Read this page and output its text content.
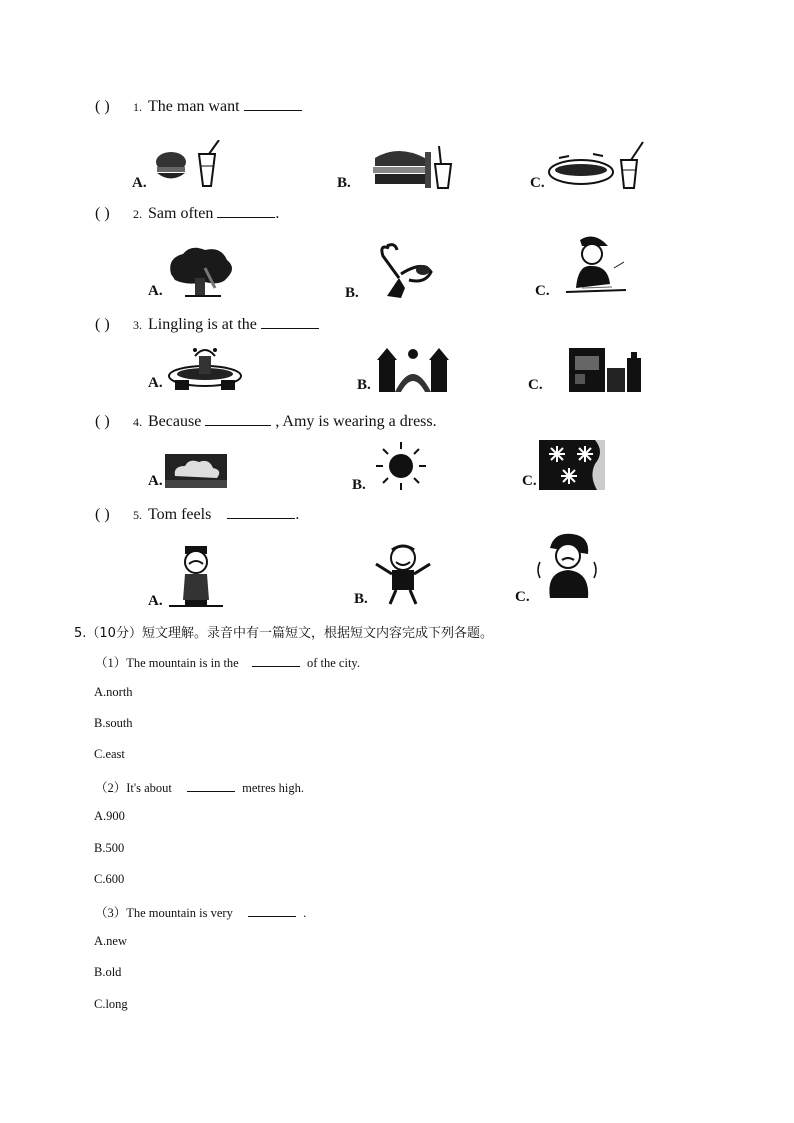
( )	1. The man want
A.	B.	C.
( )	2. Sam often	.
A.	B.	C.
( )	3. Lingling is at the
A.	B.	C.
( )	4. Because	, Amy is wearing a dress.
A.	B.	C.
( )	5. Tom feels	.
A.	B.	C.
5.（10分）短文理解。录音中有一篇短文，根据短文内容完成下列各题。
（1）The mountain is in the	of the city.
A.north
B.south
C.east
（2）It's about	metres high.
A.900
B.500
C.600
（3）The mountain is very	.
A.new
B.old
C.long
